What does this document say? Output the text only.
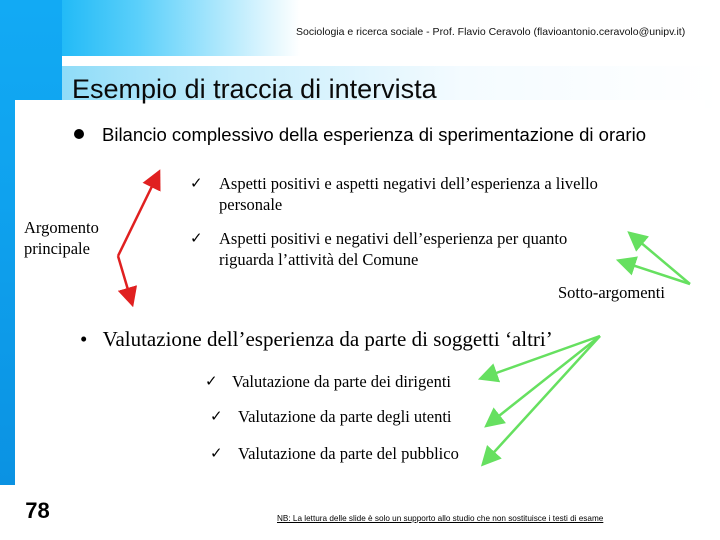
Sociologia e ricerca sociale - Prof. Flavio Ceravolo (flavioantonio.ceravolo@unipv.it)
Esempio di traccia di intervista
Bilancio complessivo della esperienza di sperimentazione di orario
✓ Aspetti positivi e aspetti negativi dell’esperienza a livello
personale
✓ Aspetti positivi e negativi dell’esperienza per quanto
riguarda l’attività del Comune
Argomento
principale
Sotto-argomenti
• Valutazione dell’esperienza da parte di soggetti ‘altri’
✓ Valutazione da parte dei dirigenti
✓ Valutazione da parte degli utenti
✓ Valutazione da parte del pubblico
78	NB: La lettura delle slide è solo un supporto allo studio che non sostituisce i testi di esame
